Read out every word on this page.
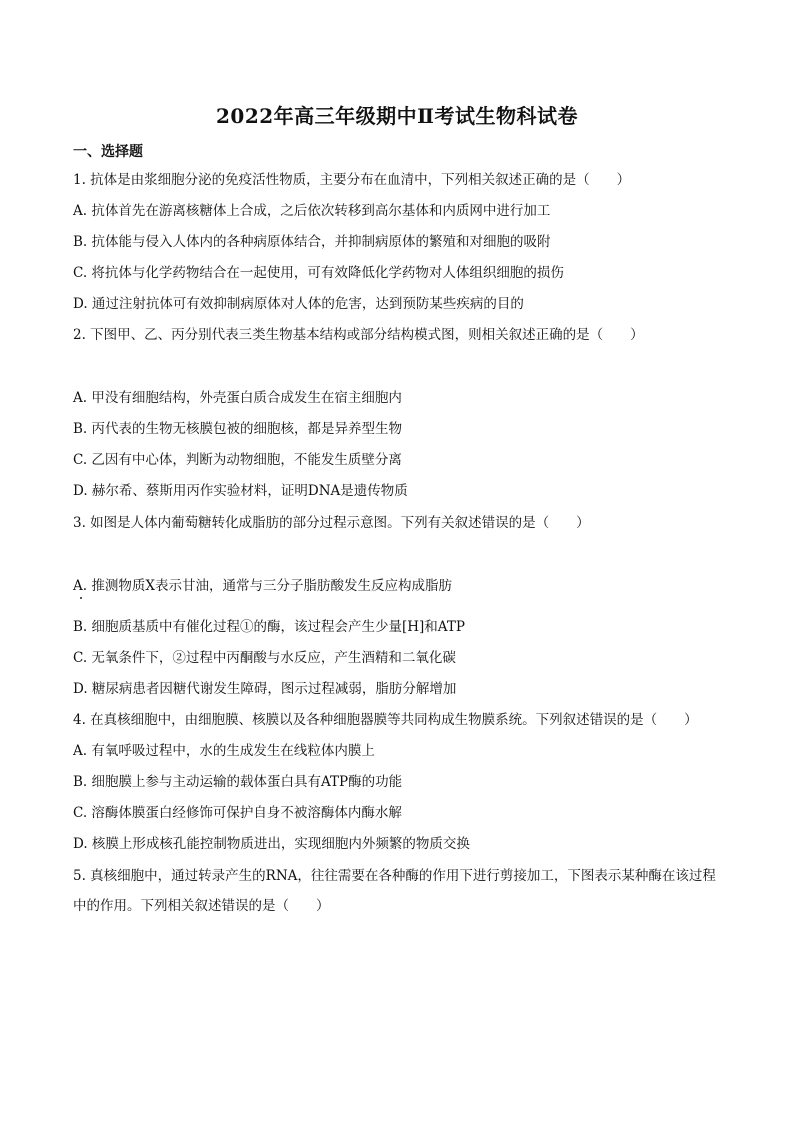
2022年高三年级期中Ⅱ考试生物科试卷
一、选择题
1. 抗体是由浆细胞分泌的免疫活性物质，主要分布在血清中，下列相关叙述正确的是（　　）
A. 抗体首先在游离核糖体上合成，之后依次转移到高尔基体和内质网中进行加工
B. 抗体能与侵入人体内的各种病原体结合，并抑制病原体的繁殖和对细胞的吸附
C. 将抗体与化学药物结合在一起使用，可有效降低化学药物对人体组织细胞的损伤
D. 通过注射抗体可有效抑制病原体对人体的危害，达到预防某些疾病的目的
2. 下图甲、乙、丙分别代表三类生物基本结构或部分结构模式图，则相关叙述正确的是（　　）
A. 甲没有细胞结构，外壳蛋白质合成发生在宿主细胞内
B. 丙代表的生物无核膜包被的细胞核，都是异养型生物
C. 乙因有中心体，判断为动物细胞，不能发生质壁分离
D. 赫尔希、蔡斯用丙作实验材料，证明DNA是遗传物质
3. 如图是人体内葡萄糖转化成脂肪的部分过程示意图。下列有关叙述错误的是（　　）
A. 推测物质X表示甘油，通常与三分子脂肪酸发生反应构成脂肪
B. 细胞质基质中有催化过程①的酶，该过程会产生少量[H]和ATP
C. 无氧条件下，②过程中丙酮酸与水反应，产生酒精和二氧化碳
D. 糖尿病患者因糖代谢发生障碍，图示过程减弱，脂肪分解增加
4. 在真核细胞中，由细胞膜、核膜以及各种细胞器膜等共同构成生物膜系统。下列叙述错误的是（　　）
A. 有氧呼吸过程中，水的生成发生在线粒体内膜上
B. 细胞膜上参与主动运输的载体蛋白具有ATP酶的功能
C. 溶酶体膜蛋白经修饰可保护自身不被溶酶体内酶水解
D. 核膜上形成核孔能控制物质进出，实现细胞内外频繁的物质交换
5. 真核细胞中，通过转录产生的RNA，往往需要在各种酶的作用下进行剪接加工，下图表示某种酶在该过程中的作用。下列相关叙述错误的是（　　）
